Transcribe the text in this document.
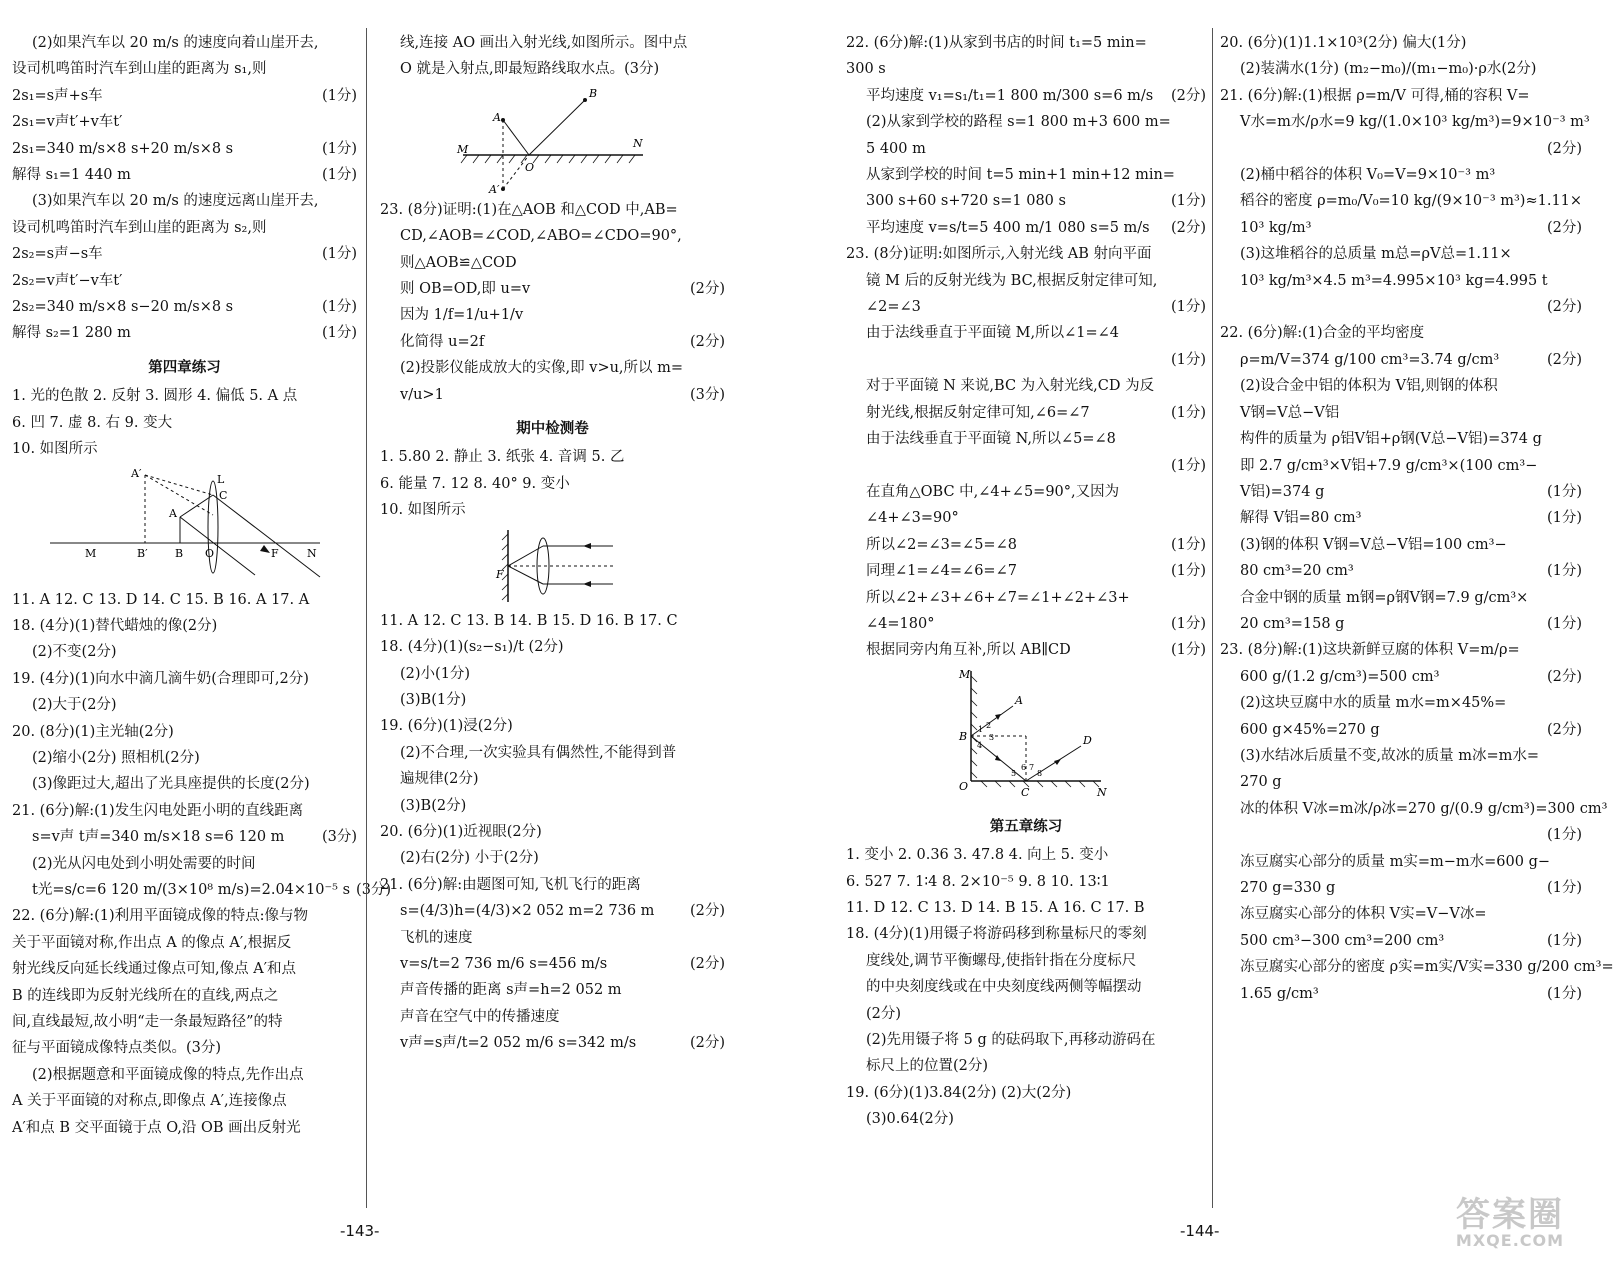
(2)如果汽车以 20 m/s 的速度向着山崖开去,
设司机鸣笛时汽车到山崖的距离为 s₁,则
2s₁=s声+s车	(1分)
2s₁=v声t′+v车t′
2s₁=340 m/s×8 s+20 m/s×8 s	(1分)
解得 s₁=1 440 m	(1分)
(3)如果汽车以 20 m/s 的速度远离山崖开去,
设司机鸣笛时汽车到山崖的距离为 s₂,则
2s₂=s声−s车	(1分)
2s₂=v声t′−v车t′
2s₂=340 m/s×8 s−20 m/s×8 s	(1分)
解得 s₂=1 280 m	(1分)
第四章练习
1. 光的色散 2. 反射 3. 圆形 4. 偏低 5. A 点
6. 凹 7. 虚 8. 右 9. 变大
10. 如图所示
A′	L
A
C
M	B′ B O	F	N
11. A 12. C 13. D 14. C 15. B 16. A 17. A
18. (4分)(1)替代蜡烛的像(2分)
(2)不变(2分)
19. (4分)(1)向水中滴几滴牛奶(合理即可,2分)
(2)大于(2分)
20. (8分)(1)主光轴(2分)
(2)缩小(2分) 照相机(2分)
(3)像距过大,超出了光具座提供的长度(2分)
21. (6分)解:(1)发生闪电处距小明的直线距离
s=v声 t声=340 m/s×18 s=6 120 m	(3分)
(2)光从闪电处到小明处需要的时间
t光=s/c=6 120 m/(3×10⁸ m/s)=2.04×10⁻⁵ s (3分)
22. (6分)解:(1)利用平面镜成像的特点:像与物
关于平面镜对称,作出点 A 的像点 A′,根据反
射光线反向延长线通过像点可知,像点 A′和点
B 的连线即为反射光线所在的直线,两点之
间,直线最短,故小明“走一条最短路径”的特
征与平面镜成像特点类似。(3分)
(2)根据题意和平面镜成像的特点,先作出点
A 关于平面镜的对称点,即像点 A′,连接像点
A′和点 B 交平面镜于点 O,沿 OB 画出反射光
线,连接 AO 画出入射光线,如图所示。图中点
O 就是入射点,即最短路线取水点。(3分)
B
A
M
O
N
A′
23. (8分)证明:(1)在△AOB 和△COD 中,AB=
CD,∠AOB=∠COD,∠ABO=∠CDO=90°,
则△AOB≌△COD
则 OB=OD,即 u=v	(2分)
因为 1/f=1/u+1/v
化简得 u=2f	(2分)
(2)投影仪能成放大的实像,即 v>u,所以 m=
v/u>1	(3分)
期中检测卷
1. 5.80 2. 静止 3. 纸张 4. 音调 5. 乙
6. 能量 7. 12 8. 40° 9. 变小
10. 如图所示
F
11. A 12. C 13. B 14. B 15. D 16. B 17. C
18. (4分)(1)(s₂−s₁)/t (2分)
(2)小(1分)
(3)B(1分)
19. (6分)(1)浸(2分)
(2)不合理,一次实验具有偶然性,不能得到普
遍规律(2分)
(3)B(2分)
20. (6分)(1)近视眼(2分)
(2)右(2分) 小于(2分)
21. (6分)解:由题图可知,飞机飞行的距离
s=(4/3)h=(4/3)×2 052 m=2 736 m	(2分)
飞机的速度
v=s/t=2 736 m/6 s=456 m/s	(2分)
声音传播的距离 s声=h=2 052 m
声音在空气中的传播速度
v声=s声/t=2 052 m/6 s=342 m/s	(2分)
22. (6分)解:(1)从家到书店的时间 t₁=5 min=
300 s
平均速度 v₁=s₁/t₁=1 800 m/300 s=6 m/s	(2分)
(2)从家到学校的路程 s=1 800 m+3 600 m=
5 400 m
从家到学校的时间 t=5 min+1 min+12 min=
300 s+60 s+720 s=1 080 s	(1分)
平均速度 v=s/t=5 400 m/1 080 s=5 m/s	(2分)
23. (8分)证明:如图所示,入射光线 AB 射向平面
镜 M 后的反射光线为 BC,根据反射定律可知,
∠2=∠3	(1分)
由于法线垂直于平面镜 M,所以∠1=∠4
(1分)
对于平面镜 N 来说,BC 为入射光线,CD 为反
射光线,根据反射定律可知,∠6=∠7	(1分)
由于法线垂直于平面镜 N,所以∠5=∠8
(1分)
在直角△OBC 中,∠4+∠5=90°,又因为
∠4+∠3=90°
所以∠2=∠3=∠5=∠8	(1分)
同理∠1=∠4=∠6=∠7	(1分)
所以∠2+∠3+∠6+∠7=∠1+∠2+∠3+
∠4=180°	(1分)
根据同旁内角互补,所以 AB∥CD	(1分)
M
A
B
1 2
3
4
5
6 7
8
O	C	N
D
第五章练习
1. 变小 2. 0.36 3. 47.8 4. 向上 5. 变小
6. 527 7. 1∶4 8. 2×10⁻⁵ 9. 8 10. 13∶1
11. D 12. C 13. D 14. B 15. A 16. C 17. B
18. (4分)(1)用镊子将游码移到称量标尺的零刻
度线处,调节平衡螺母,使指针指在分度标尺
的中央刻度线或在中央刻度线两侧等幅摆动
(2分)
(2)先用镊子将 5 g 的砝码取下,再移动游码在
标尺上的位置(2分)
19. (6分)(1)3.84(2分) (2)大(2分)
(3)0.64(2分)
20. (6分)(1)1.1×10³(2分) 偏大(1分)
(2)装满水(1分) (m₂−m₀)/(m₁−m₀)·ρ水(2分)
21. (6分)解:(1)根据 ρ=m/V 可得,桶的容积 V=
V水=m水/ρ水=9 kg/(1.0×10³ kg/m³)=9×10⁻³ m³
(2分)
(2)桶中稻谷的体积 V₀=V=9×10⁻³ m³
稻谷的密度 ρ=m₀/V₀=10 kg/(9×10⁻³ m³)≈1.11×
10³ kg/m³	(2分)
(3)这堆稻谷的总质量 m总=ρV总=1.11×
10³ kg/m³×4.5 m³=4.995×10³ kg=4.995 t
(2分)
22. (6分)解:(1)合金的平均密度
ρ=m/V=374 g/100 cm³=3.74 g/cm³	(2分)
(2)设合金中铝的体积为 V铝,则钢的体积
V钢=V总−V铝
构件的质量为 ρ铝V铝+ρ钢(V总−V铝)=374 g
即 2.7 g/cm³×V铝+7.9 g/cm³×(100 cm³−
V铝)=374 g	(1分)
解得 V铝=80 cm³	(1分)
(3)钢的体积 V钢=V总−V铝=100 cm³−
80 cm³=20 cm³	(1分)
合金中钢的质量 m钢=ρ钢V钢=7.9 g/cm³×
20 cm³=158 g	(1分)
23. (8分)解:(1)这块新鲜豆腐的体积 V=m/ρ=
600 g/(1.2 g/cm³)=500 cm³	(2分)
(2)这块豆腐中水的质量 m水=m×45%=
600 g×45%=270 g	(2分)
(3)水结冰后质量不变,故冰的质量 m冰=m水=
270 g
冰的体积 V冰=m冰/ρ冰=270 g/(0.9 g/cm³)=300 cm³
(1分)
冻豆腐实心部分的质量 m实=m−m水=600 g−
270 g=330 g	(1分)
冻豆腐实心部分的体积 V实=V−V冰=
500 cm³−300 cm³=200 cm³	(1分)
冻豆腐实心部分的密度 ρ实=m实/V实=330 g/200 cm³=
1.65 g/cm³	(1分)
-143-	-144-	答案圈
MXQE.COM
